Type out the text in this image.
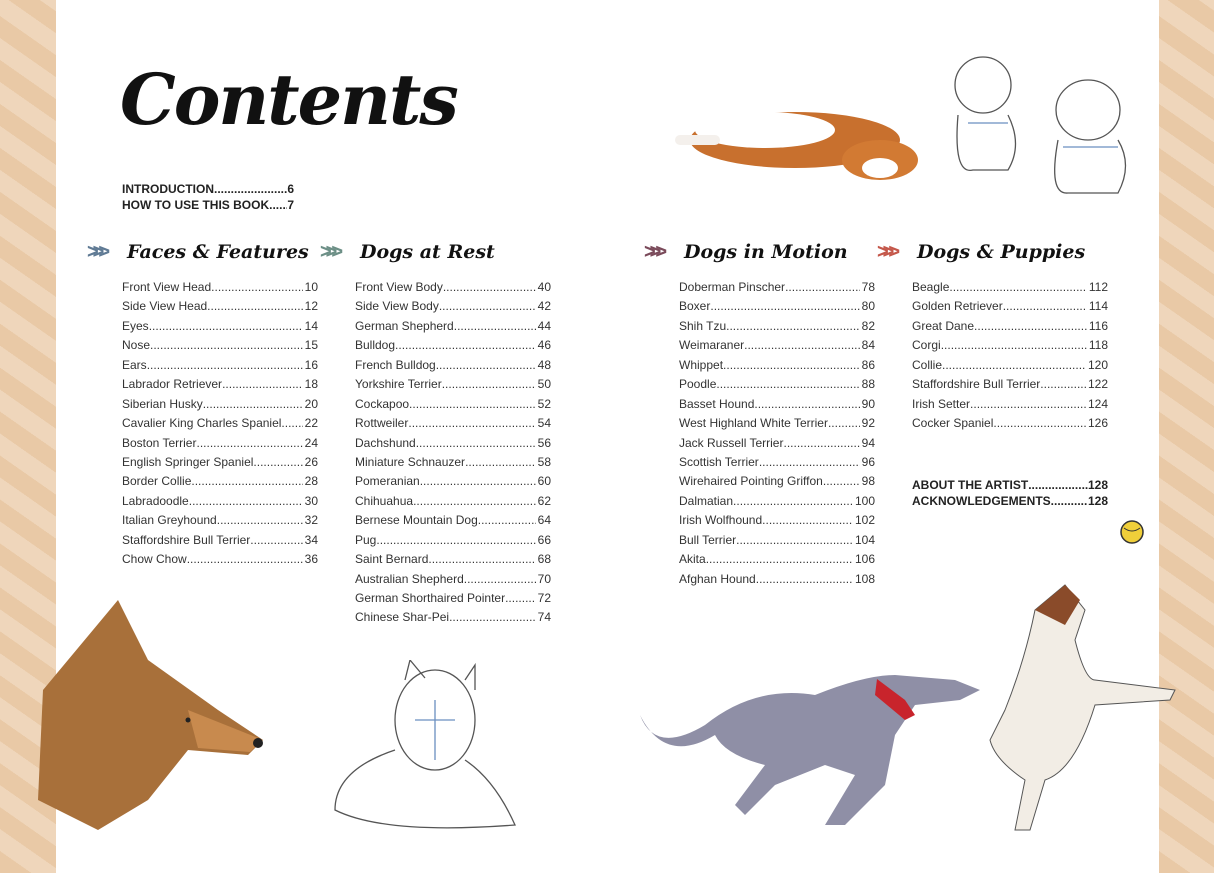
Contents
INTRODUCTION .....	6
HOW TO USE THIS BOOK ..... 7
>>>	Faces & Features
Front View Head .....	10
Side View Head .....	12
Eyes .....	14
Nose .....	15
Ears .....	16
Labrador Retriever .....	18
Siberian Husky .....	20
Cavalier King Charles Spaniel ..... 22
Boston Terrier .....	24
English Springer Spaniel .....	26
Border Collie .....	28
Labradoodle .....	30
Italian Greyhound .....	32
Staffordshire Bull Terrier .....	34
Chow Chow .....	36
>>>	Dogs at Rest
Front View Body .....	40
Side View Body .....	42
German Shepherd .....	44
Bulldog .....	46
French Bulldog .....	48
Yorkshire Terrier .....	50
Cockapoo .....	52
Rottweiler .....	54
Dachshund .....	56
Miniature Schnauzer .....	58
Pomeranian .....	60
Chihuahua .....	62
Bernese Mountain Dog .....	64
Pug .....	66
Saint Bernard .....	68
Australian Shepherd .....	70
German Shorthaired Pointer .....	72
Chinese Shar-Pei .....	74
>>>	Dogs in Motion
Doberman Pinscher .....	78
Boxer .....	80
Shih Tzu .....	82
Weimaraner .....	84
Whippet .....	86
Poodle .....	88
Basset Hound .....	90
West Highland White Terrier .....	92
Jack Russell Terrier .....	94
Scottish Terrier .....	96
Wirehaired Pointing Griffon .....	98
Dalmatian .....	100
Irish Wolfhound .....	102
Bull Terrier .....	104
Akita .....	106
Afghan Hound .....	108
>>>	Dogs & Puppies
Beagle .....	112
Golden Retriever .....	114
Great Dane .....	116
Corgi .....	118
Collie .....	120
Staffordshire Bull Terrier .....	122
Irish Setter .....	124
Cocker Spaniel .....	126
ABOUT THE ARTIST .....	128
ACKNOWLEDGEMENTS .....	128
